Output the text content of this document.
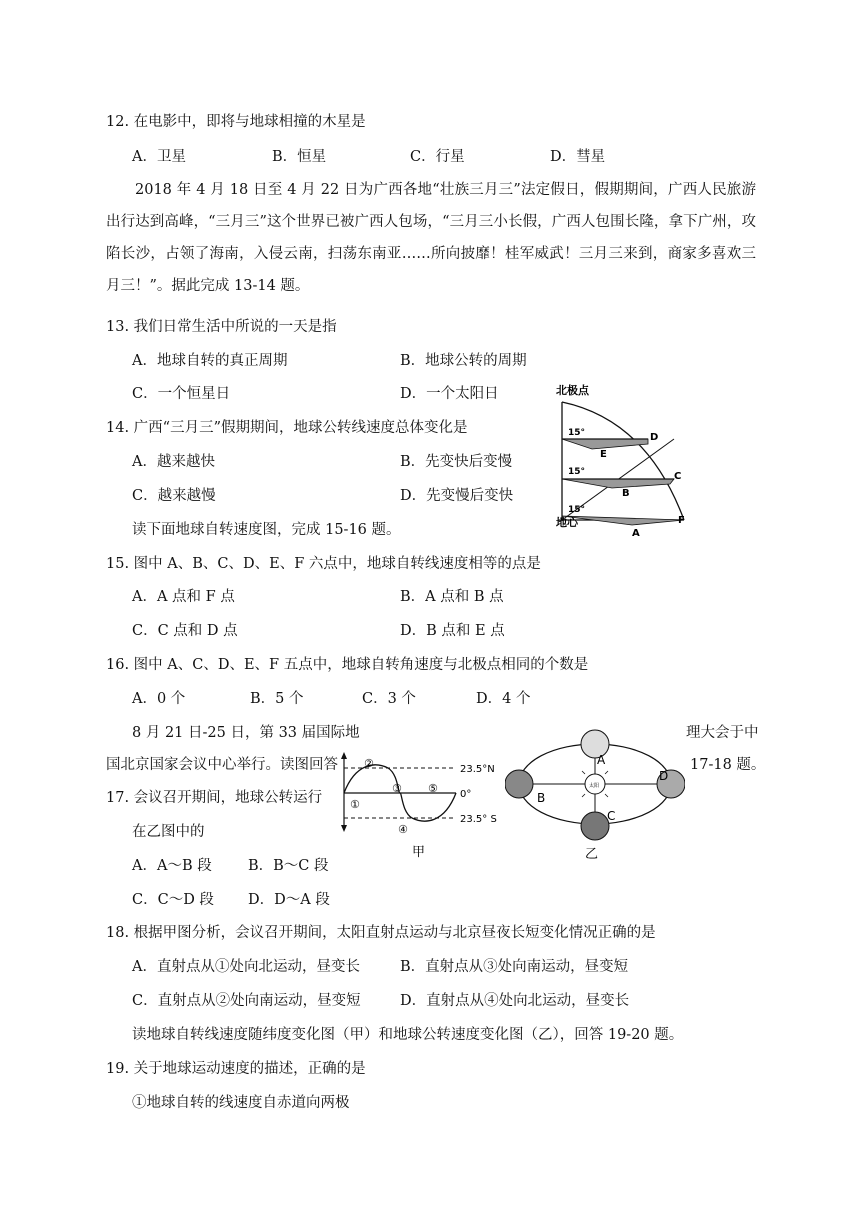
12. 在电影中，即将与地球相撞的木星是
A．卫星	B．恒星	C．行星	D．彗星
2018 年 4 月 18 日至 4 月 22 日为广西各地“壮族三月三”法定假日，假期期间，广西人民旅游出行达到高峰，“三月三”这个世界已被广西人包场，“三月三小长假，广西人包围长隆，拿下广州，攻陷长沙，占领了海南，入侵云南，扫荡东南亚……所向披靡！桂军威武！三月三来到，商家多喜欢三月三！”。据此完成 13-14 题。
13. 我们日常生活中所说的一天是指
A．地球自转的真正周期	B．地球公转的周期
C．一个恒星日	D．一个太阳日
14. 广西“三月三”假期期间，地球公转线速度总体变化是
A．越来越快	B．先变快后变慢
C．越来越慢	D．先变慢后变快
读下面地球自转速度图，完成 15-16 题。
北极点
15°
15°
15°
D
E
C
B
F
A
地心
15. 图中 A、B、C、D、E、F 六点中，地球自转线速度相等的点是
A．A 点和 F 点	B．A 点和 B 点
C．C 点和 D 点	D．B 点和 E 点
16. 图中 A、C、D、E、F 五点中，地球自转角速度与北极点相同的个数是
A．0 个	B．5 个	C．3 个	D．4 个
8 月 21 日-25 日，第 33 届国际地	理大会于中
国北京国家会议中心举行。读图回答	17-18 题。
①
②
③
④
⑤
23.5°N
0°
23.5° S
甲
太阳
A
B
C
D
乙
17. 会议召开期间，地球公转运行
在乙图中的
A．A～B 段	B．B～C 段
C．C～D 段 D．D～A 段
18. 根据甲图分析，会议召开期间，太阳直射点运动与北京昼夜长短变化情况正确的是
A．直射点从①处向北运动，昼变长	B．直射点从③处向南运动，昼变短
C．直射点从②处向南运动，昼变短	D．直射点从④处向北运动，昼变长
读地球自转线速度随纬度变化图（甲）和地球公转速度变化图（乙），回答 19-20 题。
19. 关于地球运动速度的描述，正确的是
①地球自转的线速度自赤道向两极
